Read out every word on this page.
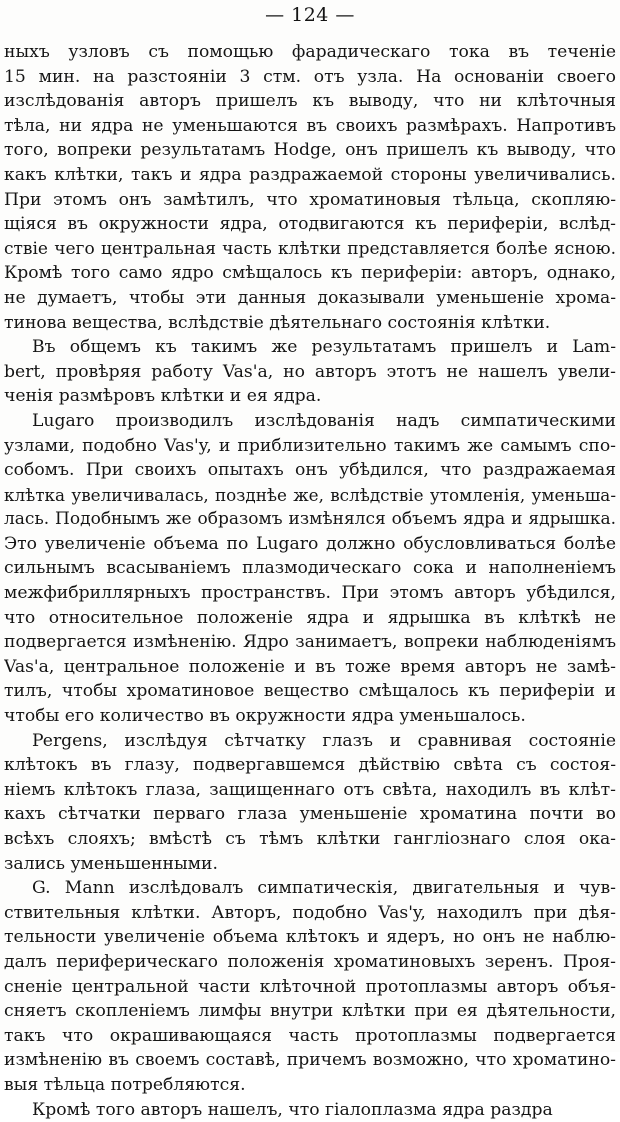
— 124 —
ныхъ узловъ съ помощью фарадическаго тока въ теченіе
15 мин. на разстояніи 3 стм. отъ узла. На основаніи своего
изслѣдованія авторъ пришелъ къ выводу, что ни клѣточныя
тѣла, ни ядра не уменьшаются въ своихъ размѣрахъ. Напротивъ
того, вопреки результатамъ Hodge, онъ пришелъ къ выводу, что
какъ клѣтки, такъ и ядра раздражаемой стороны увеличивались.
При этомъ онъ замѣтилъ, что хроматиновыя тѣльца, скопляю-
щіяся въ окружности ядра, отодвигаются къ периферіи, вслѣд-
ствіе чего центральная часть клѣтки представляется болѣе ясною.
Кромѣ того само ядро смѣщалось къ периферіи: авторъ, однако,
не думаетъ, чтобы эти данныя доказывали уменьшеніе хрома-
тинова вещества, вслѣдствіе дѣятельнаго состоянія клѣтки.
Въ общемъ къ такимъ же результатамъ пришелъ и Lam-
bert, провѣряя работу Vas'a, но авторъ этотъ не нашелъ увели-
ченія размѣровъ клѣтки и ея ядра.
Lugaro производилъ изслѣдованія надъ симпатическими
узлами, подобно Vas'y, и приблизительно такимъ же самымъ спо-
собомъ. При своихъ опытахъ онъ убѣдился, что раздражаемая
клѣтка увеличивалась, позднѣе же, вслѣдствіе утомленія, уменьша-
лась. Подобнымъ же образомъ измѣнялся объемъ ядра и ядрышка.
Это увеличеніе объема по Lugaro должно обусловливаться болѣе
сильнымъ всасываніемъ плазмодическаго сока и наполненіемъ
межфибриллярныхъ пространствъ. При этомъ авторъ убѣдился,
что относительное положеніе ядра и ядрышка въ клѣткѣ не
подвергается измѣненію. Ядро занимаетъ, вопреки наблюденіямъ
Vas'a, центральное положеніе и въ тоже время авторъ не замѣ-
тилъ, чтобы хроматиновое вещество смѣщалось къ периферіи и
чтобы его количество въ окружности ядра уменьшалось.
Pergens, изслѣдуя сѣтчатку глазъ и сравнивая состояніе
клѣтокъ въ глазу, подвергавшемся дѣйствію свѣта съ состоя-
ніемъ клѣтокъ глаза, защищеннаго отъ свѣта, находилъ въ клѣт-
кахъ сѣтчатки перваго глаза уменьшеніе хроматина почти во
всѣхъ слояхъ; вмѣстѣ съ тѣмъ клѣтки гангліознаго слоя ока-
зались уменьшенными.
G. Mann изслѣдовалъ симпатическія, двигательныя и чув-
ствительныя клѣтки. Авторъ, подобно Vas'y, находилъ при дѣя-
тельности увеличеніе объема клѣтокъ и ядеръ, но онъ не наблю-
далъ периферическаго положенія хроматиновыхъ зеренъ. Проя-
сненіе центральной части клѣточной протоплазмы авторъ объя-
сняетъ скопленіемъ лимфы внутри клѣтки при ея дѣятельности,
такъ что окрашивающаяся часть протоплазмы подвергается
измѣненію въ своемъ составѣ, причемъ возможно, что хроматино-
выя тѣльца потребляются.
Кромѣ того авторъ нашелъ, что гіалоплазма ядра раздра
